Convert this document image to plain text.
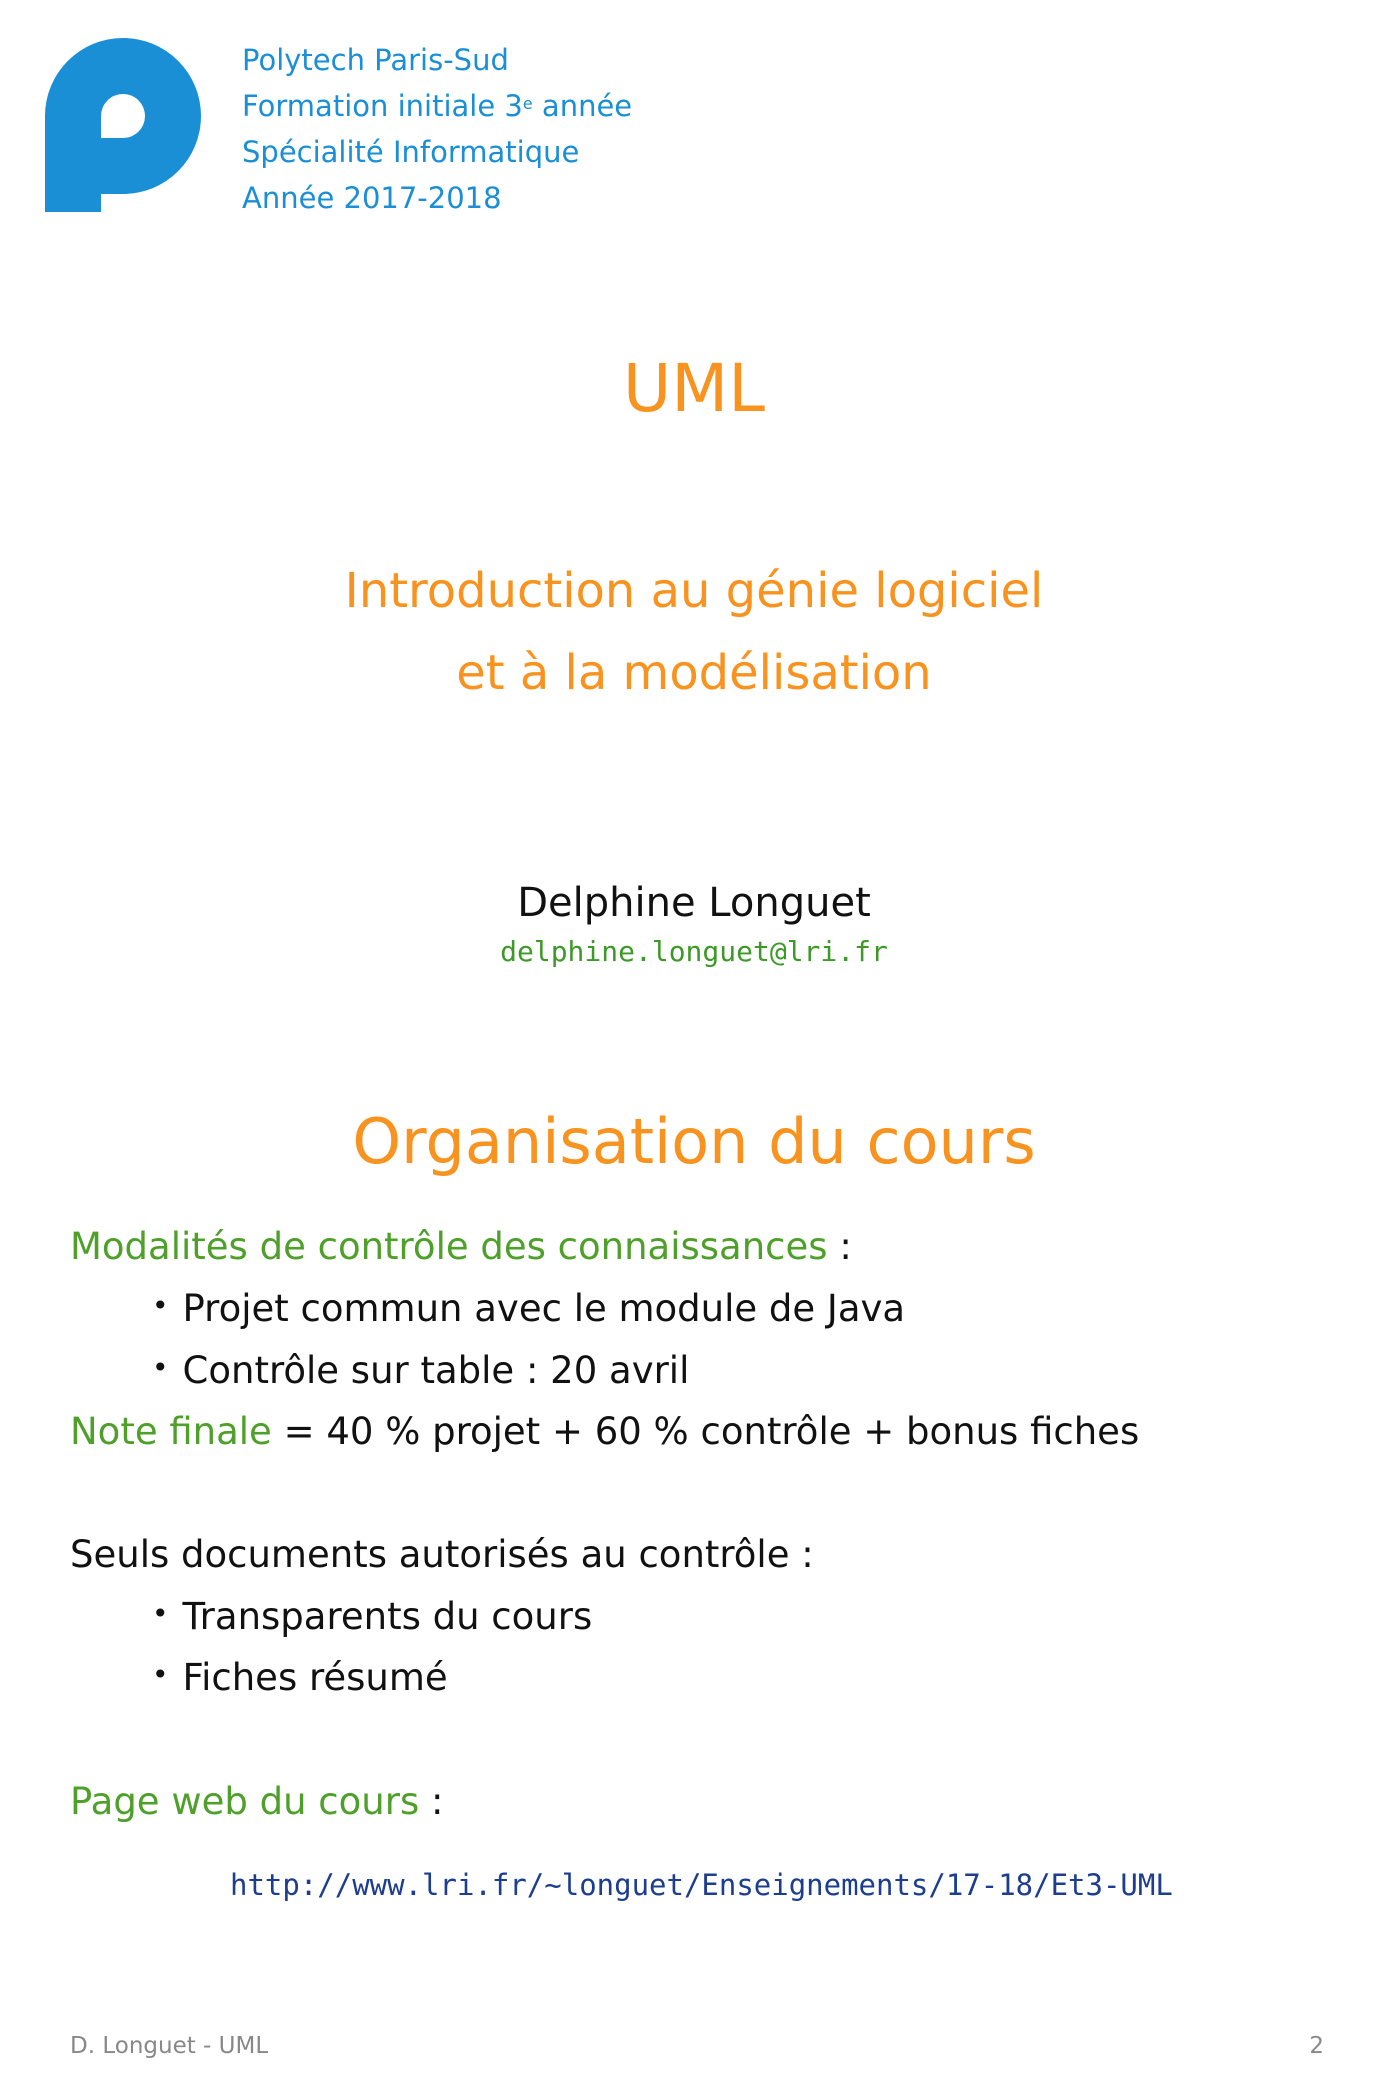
Polytech Paris-Sud
Formation initiale 3e année
Spécialité Informatique
Année 2017-2018
UML
Introduction au génie logiciel
et à la modélisation
Delphine Longuet
delphine.longuet@lri.fr
Organisation du cours
Modalités de contrôle des connaissances :
• Projet commun avec le module de Java
• Contrôle sur table : 20 avril
Note finale = 40 % projet + 60 % contrôle + bonus fiches
Seuls documents autorisés au contrôle :
• Transparents du cours
• Fiches résumé
Page web du cours :
http://www.lri.fr/~longuet/Enseignements/17-18/Et3-UML
D. Longuet - UML	2
